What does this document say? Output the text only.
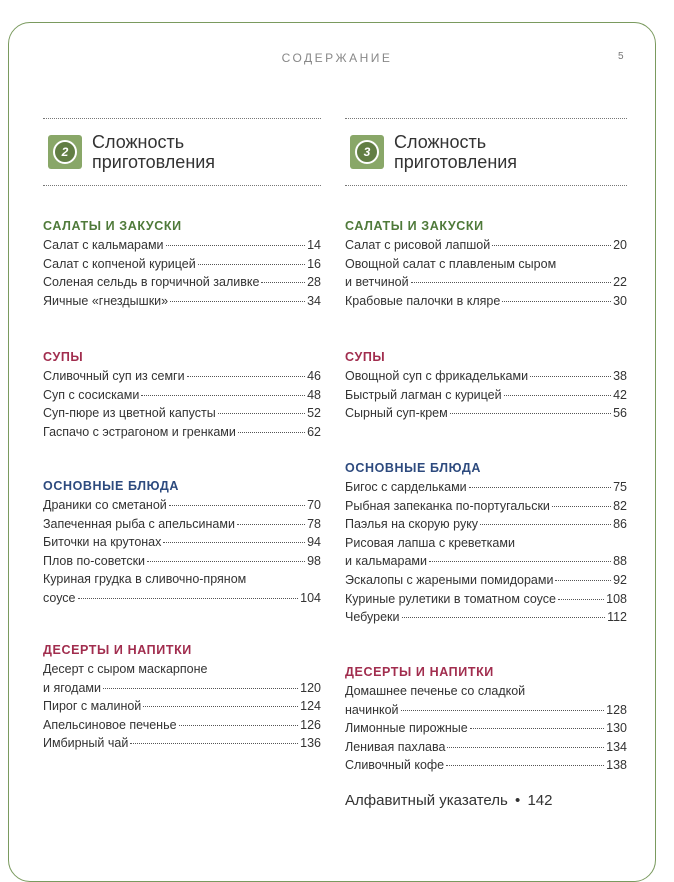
СОДЕРЖАНИЕ	5
2	Сложность
приготовления
САЛАТЫ И ЗАКУСКИ
Салат с кальмарами	14
Салат с копченой курицей	16
Соленая сельдь в горчичной заливке	28
Яичные «гнездышки»	34
СУПЫ
Сливочный суп из семги	46
Суп с сосисками	48
Суп-пюре из цветной капусты	52
Гаспачо с эстрагоном и гренками	62
ОСНОВНЫЕ БЛЮДА
Драники со сметаной	70
Запеченная рыба с апельсинами	78
Биточки на крутонах	94
Плов по-советски	98
Куриная грудка в сливочно-пряном
соусе	104
ДЕСЕРТЫ И НАПИТКИ
Десерт с сыром маскарпоне
и ягодами	120
Пирог с малиной	124
Апельсиновое печенье	126
Имбирный чай	136
3	Сложность
приготовления
САЛАТЫ И ЗАКУСКИ
Салат с рисовой лапшой	20
Овощной салат с плавленым сыром
и ветчиной	22
Крабовые палочки в кляре	30
СУПЫ
Овощной суп с фрикадельками	38
Быстрый лагман с курицей	42
Сырный суп-крем	56
ОСНОВНЫЕ БЛЮДА
Бигос с сардельками	75
Рыбная запеканка по-португальски	82
Паэлья на скорую руку	86
Рисовая лапша с креветками
и кальмарами	88
Эскалопы с жареными помидорами	92
Куриные рулетики в томатном соусе	108
Чебуреки	112
ДЕСЕРТЫ И НАПИТКИ
Домашнее печенье со сладкой
начинкой	128
Лимонные пирожные	130
Ленивая пахлава	134
Сливочный кофе	138
Алфавитный указатель • 142
